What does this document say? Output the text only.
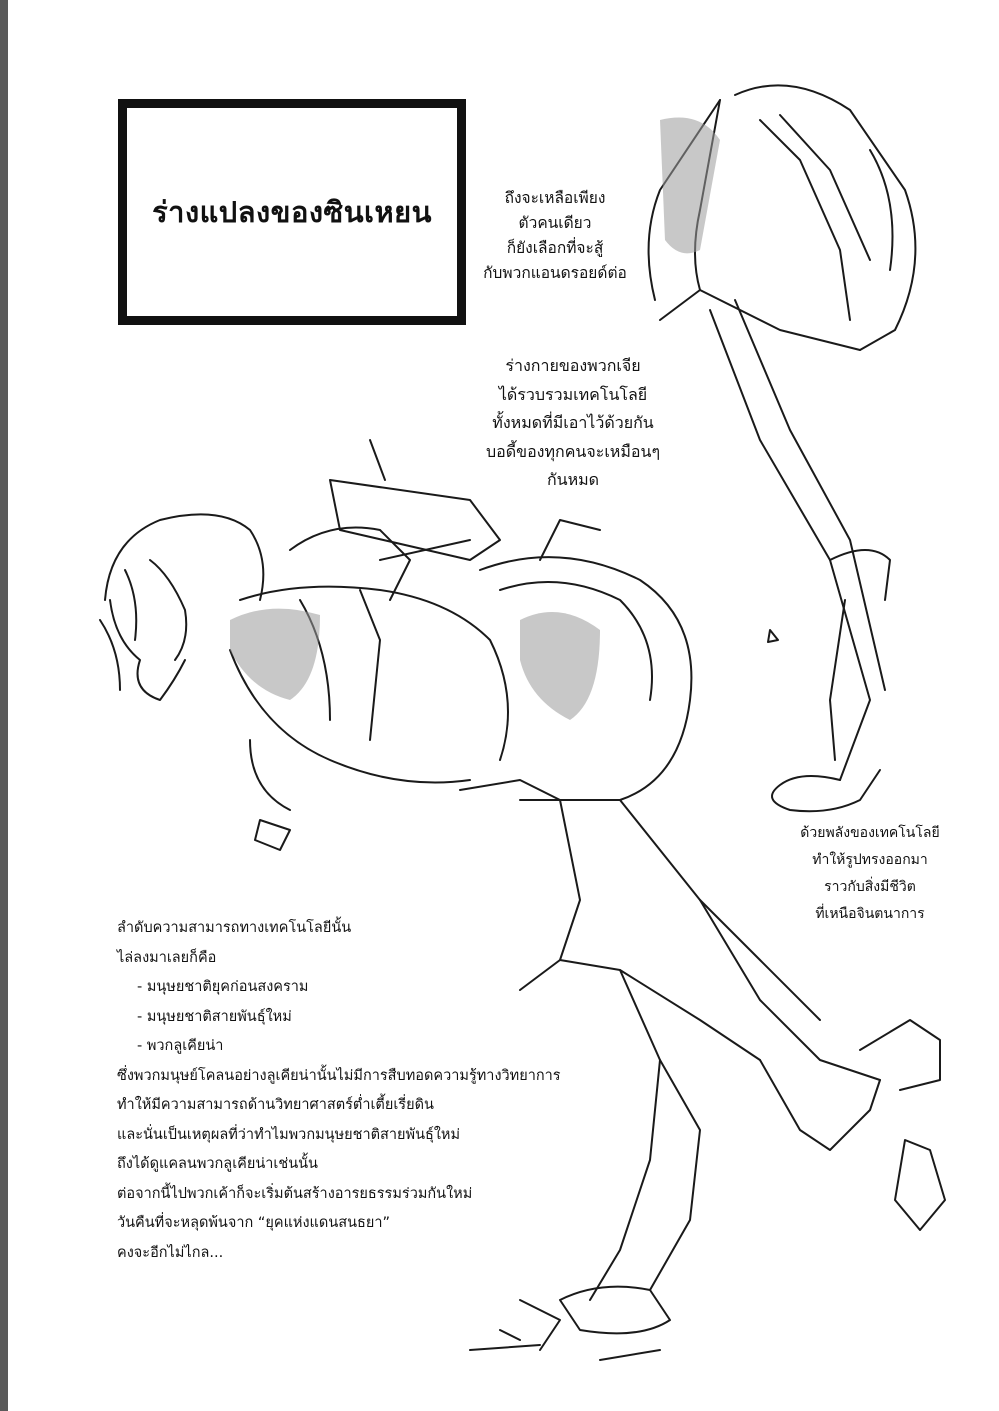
ร่างแปลงของซินเหยน	ถึงจะเหลือเพียง
ตัวคนเดียว
ก็ยังเลือกที่จะสู้
กับพวกแอนดรอยด์ต่อ
ร่างกายของพวกเจีย
ได้รวบรวมเทคโนโลยี
ทั้งหมดที่มีเอาไว้ด้วยกัน
บอดี้ของทุกคนจะเหมือนๆ
กันหมด
ด้วยพลังของเทคโนโลยี
ทำให้รูปทรงออกมา
ราวกับสิ่งมีชีวิต
ที่เหนือจินตนาการ
ลำดับความสามารถทางเทคโนโลยีนั้น
ไล่ลงมาเลยก็คือ
- มนุษยชาติยุคก่อนสงคราม
- มนุษยชาติสายพันธุ์ใหม่
- พวกลูเคียน่า
ซึ่งพวกมนุษย์โคลนอย่างลูเคียน่านั้นไม่มีการสืบทอดความรู้ทางวิทยาการ
ทำให้มีความสามารถด้านวิทยาศาสตร์ต่ำเตี้ยเรี่ยดิน
และนั่นเป็นเหตุผลที่ว่าทำไมพวกมนุษยชาติสายพันธุ์ใหม่
ถึงได้ดูแคลนพวกลูเคียน่าเช่นนั้น
ต่อจากนี้ไปพวกเค้าก็จะเริ่มต้นสร้างอารยธรรมร่วมกันใหม่
วันคืนที่จะหลุดพ้นจาก “ยุคแห่งแดนสนธยา”
คงจะอีกไม่ไกล...
